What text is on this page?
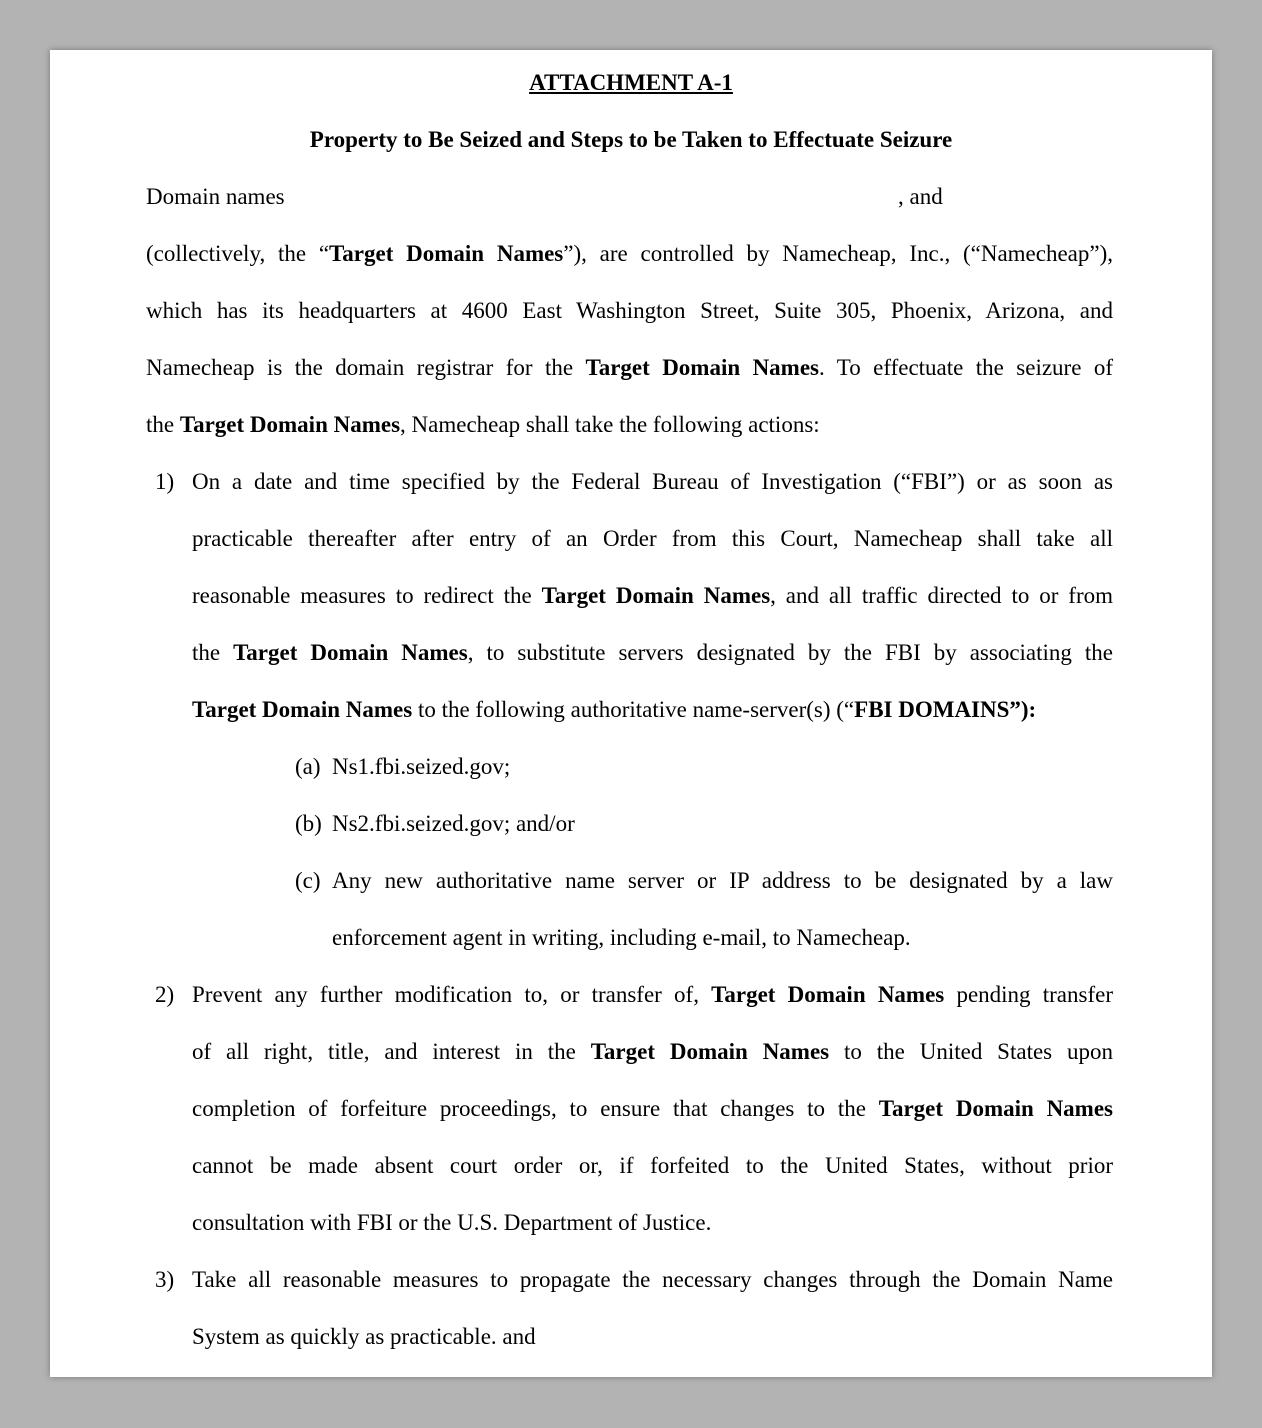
ATTACHMENT A-1
Property to Be Seized and Steps to be Taken to Effectuate Seizure
Domain names	, and
(collectively, the “Target Domain Names”), are controlled by Namecheap, Inc., (“Namecheap”),
which has its headquarters at 4600 East Washington Street, Suite 305, Phoenix, Arizona, and
Namecheap is the domain registrar for the Target Domain Names. To effectuate the seizure of
the Target Domain Names, Namecheap shall take the following actions:
1) On a date and time specified by the Federal Bureau of Investigation (“FBI”) or as soon as
practicable thereafter after entry of an Order from this Court, Namecheap shall take all
reasonable measures to redirect the Target Domain Names, and all traffic directed to or from
the Target Domain Names, to substitute servers designated by the FBI by associating the
Target Domain Names to the following authoritative name-server(s) (“FBI DOMAINS”):
(a) Ns1.fbi.seized.gov;
(b) Ns2.fbi.seized.gov; and/or
(c) Any new authoritative name server or IP address to be designated by a law
enforcement agent in writing, including e-mail, to Namecheap.
2) Prevent any further modification to, or transfer of, Target Domain Names pending transfer
of all right, title, and interest in the Target Domain Names to the United States upon
completion of forfeiture proceedings, to ensure that changes to the Target Domain Names
cannot be made absent court order or, if forfeited to the United States, without prior
consultation with FBI or the U.S. Department of Justice.
3) Take all reasonable measures to propagate the necessary changes through the Domain Name
System as quickly as practicable. and
